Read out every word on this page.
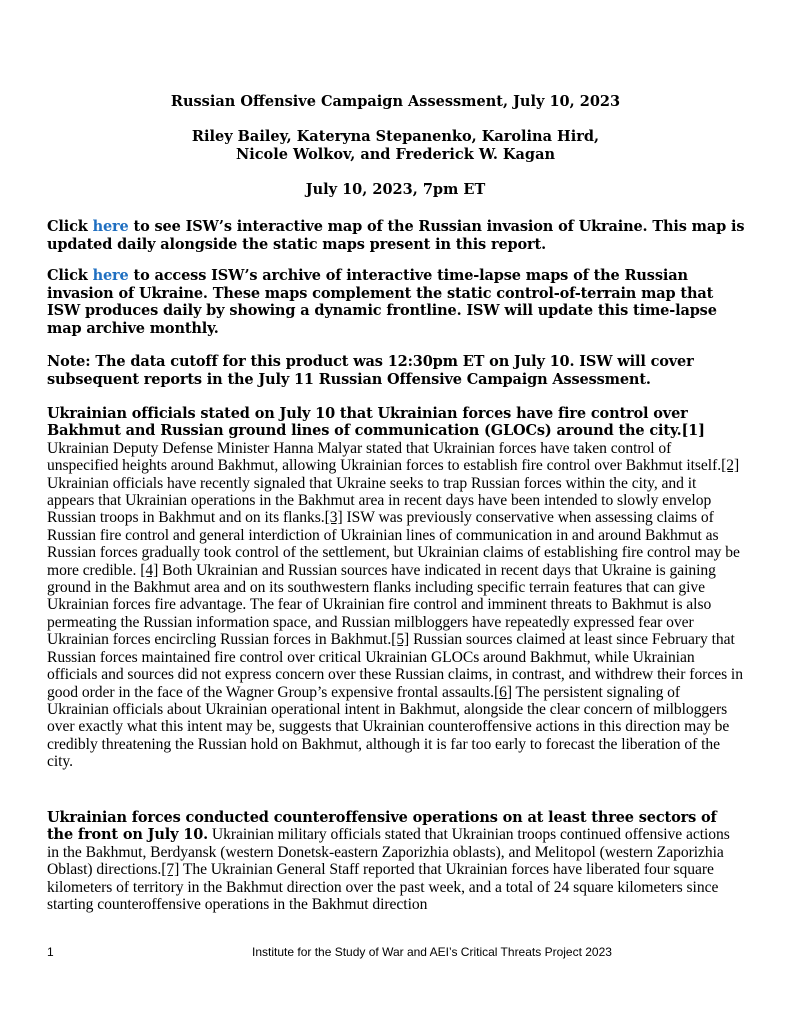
Russian Offensive Campaign Assessment, July 10, 2023
Riley Bailey, Kateryna Stepanenko, Karolina Hird,
Nicole Wolkov, and Frederick W. Kagan
July 10, 2023, 7pm ET
Click here to see ISW’s interactive map of the Russian invasion of Ukraine. This map is updated daily alongside the static maps present in this report.
Click here to access ISW’s archive of interactive time-lapse maps of the Russian invasion of Ukraine. These maps complement the static control-of-terrain map that ISW produces daily by showing a dynamic frontline. ISW will update this time-lapse map archive monthly.
Note: The data cutoff for this product was 12:30pm ET on July 10. ISW will cover subsequent reports in the July 11 Russian Offensive Campaign Assessment.
Ukrainian officials stated on July 10 that Ukrainian forces have fire control over Bakhmut and Russian ground lines of communication (GLOCs) around the city.[1] Ukrainian Deputy Defense Minister Hanna Malyar stated that Ukrainian forces have taken control of unspecified heights around Bakhmut, allowing Ukrainian forces to establish fire control over Bakhmut itself.[2] Ukrainian officials have recently signaled that Ukraine seeks to trap Russian forces within the city, and it appears that Ukrainian operations in the Bakhmut area in recent days have been intended to slowly envelop Russian troops in Bakhmut and on its flanks.[3] ISW was previously conservative when assessing claims of Russian fire control and general interdiction of Ukrainian lines of communication in and around Bakhmut as Russian forces gradually took control of the settlement, but Ukrainian claims of establishing fire control may be more credible. [4] Both Ukrainian and Russian sources have indicated in recent days that Ukraine is gaining ground in the Bakhmut area and on its southwestern flanks including specific terrain features that can give Ukrainian forces fire advantage. The fear of Ukrainian fire control and imminent threats to Bakhmut is also permeating the Russian information space, and Russian milbloggers have repeatedly expressed fear over Ukrainian forces encircling Russian forces in Bakhmut.[5] Russian sources claimed at least since February that Russian forces maintained fire control over critical Ukrainian GLOCs around Bakhmut, while Ukrainian officials and sources did not express concern over these Russian claims, in contrast, and withdrew their forces in good order in the face of the Wagner Group’s expensive frontal assaults.[6] The persistent signaling of Ukrainian officials about Ukrainian operational intent in Bakhmut, alongside the clear concern of milbloggers over exactly what this intent may be, suggests that Ukrainian counteroffensive actions in this direction may be credibly threatening the Russian hold on Bakhmut, although it is far too early to forecast the liberation of the city.
Ukrainian forces conducted counteroffensive operations on at least three sectors of the front on July 10. Ukrainian military officials stated that Ukrainian troops continued offensive actions in the Bakhmut, Berdyansk (western Donetsk-eastern Zaporizhia oblasts), and Melitopol (western Zaporizhia Oblast) directions.[7] The Ukrainian General Staff reported that Ukrainian forces have liberated four square kilometers of territory in the Bakhmut direction over the past week, and a total of 24 square kilometers since starting counteroffensive operations in the Bakhmut direction
1	Institute for the Study of War and AEI’s Critical Threats Project 2023
